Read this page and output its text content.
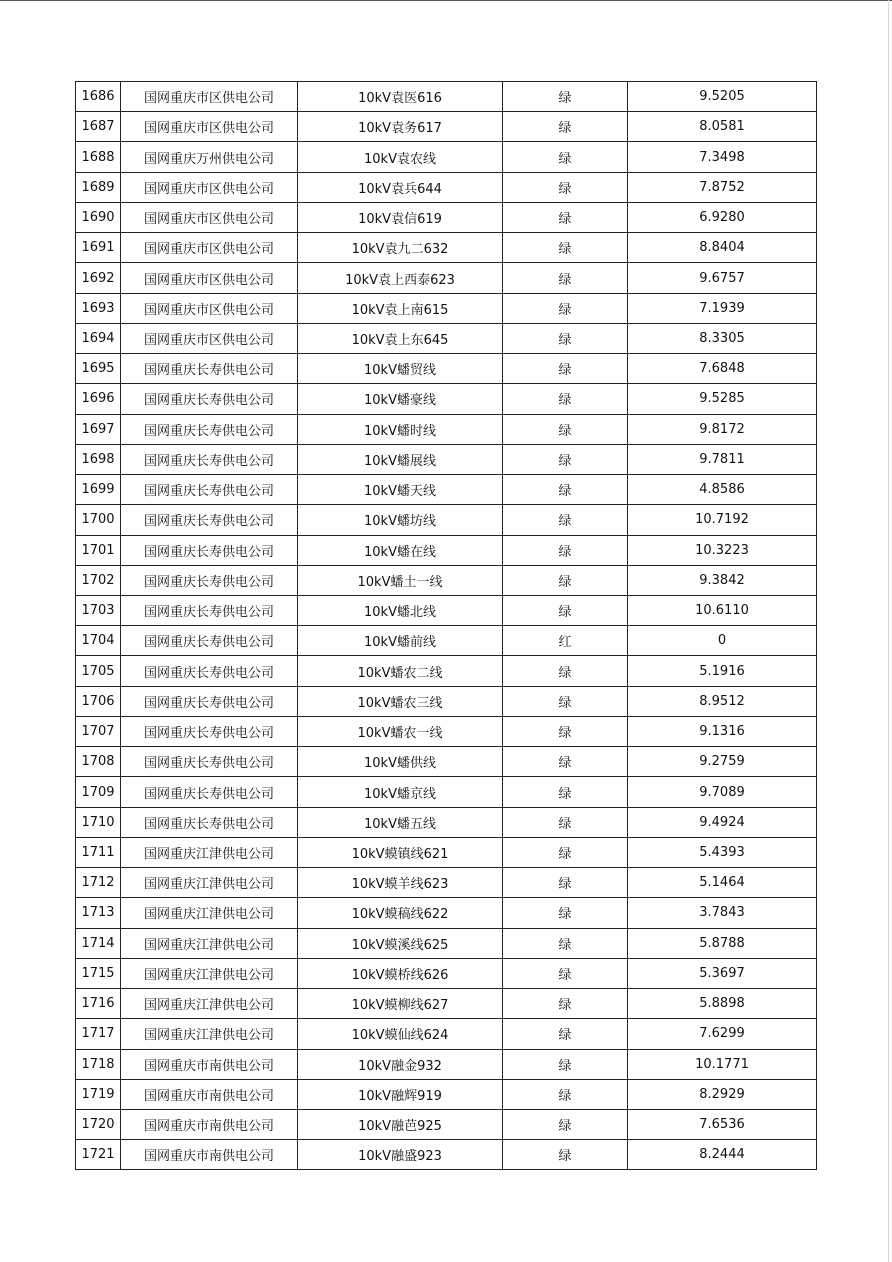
1686	国网重庆市区供电公司	10kV袁医616	绿	9.5205
1687	国网重庆市区供电公司	10kV袁务617	绿	8.0581
1688	国网重庆万州供电公司	10kV袁农线	绿	7.3498
1689	国网重庆市区供电公司	10kV袁兵644	绿	7.8752
1690	国网重庆市区供电公司	10kV袁信619	绿	6.9280
1691	国网重庆市区供电公司	10kV袁九二632	绿	8.8404
1692	国网重庆市区供电公司	10kV袁上西泰623	绿	9.6757
1693	国网重庆市区供电公司	10kV袁上南615	绿	7.1939
1694	国网重庆市区供电公司	10kV袁上东645	绿	8.3305
1695	国网重庆长寿供电公司	10kV蟠贸线	绿	7.6848
1696	国网重庆长寿供电公司	10kV蟠豪线	绿	9.5285
1697	国网重庆长寿供电公司	10kV蟠时线	绿	9.8172
1698	国网重庆长寿供电公司	10kV蟠展线	绿	9.7811
1699	国网重庆长寿供电公司	10kV蟠天线	绿	4.8586
1700	国网重庆长寿供电公司	10kV蟠坊线	绿	10.7192
1701	国网重庆长寿供电公司	10kV蟠在线	绿	10.3223
1702	国网重庆长寿供电公司	10kV蟠土一线	绿	9.3842
1703	国网重庆长寿供电公司	10kV蟠北线	绿	10.6110
1704	国网重庆长寿供电公司	10kV蟠前线	红	0
1705	国网重庆长寿供电公司	10kV蟠农二线	绿	5.1916
1706	国网重庆长寿供电公司	10kV蟠农三线	绿	8.9512
1707	国网重庆长寿供电公司	10kV蟠农一线	绿	9.1316
1708	国网重庆长寿供电公司	10kV蟠供线	绿	9.2759
1709	国网重庆长寿供电公司	10kV蟠京线	绿	9.7089
1710	国网重庆长寿供电公司	10kV蟠五线	绿	9.4924
1711	国网重庆江津供电公司	10kV蟆镇线621	绿	5.4393
1712	国网重庆江津供电公司	10kV蟆羊线623	绿	5.1464
1713	国网重庆江津供电公司	10kV蟆稿线622	绿	3.7843
1714	国网重庆江津供电公司	10kV蟆溪线625	绿	5.8788
1715	国网重庆江津供电公司	10kV蟆桥线626	绿	5.3697
1716	国网重庆江津供电公司	10kV蟆柳线627	绿	5.8898
1717	国网重庆江津供电公司	10kV蟆仙线624	绿	7.6299
1718	国网重庆市南供电公司	10kV融金932	绿	10.1771
1719	国网重庆市南供电公司	10kV融辉919	绿	8.2929
1720	国网重庆市南供电公司	10kV融芭925	绿	7.6536
1721	国网重庆市南供电公司	10kV融盛923	绿	8.2444
